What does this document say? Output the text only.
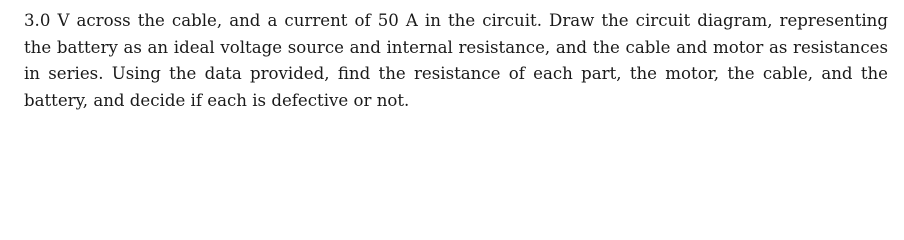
3.0 V across the cable, and a current of 50 A in the circuit. Draw the circuit diagram, representing
the battery as an ideal voltage source and internal resistance, and the cable and motor as resistances
in series. Using the data provided, find the resistance of each part, the motor, the cable, and the
battery, and decide if each is defective or not.
